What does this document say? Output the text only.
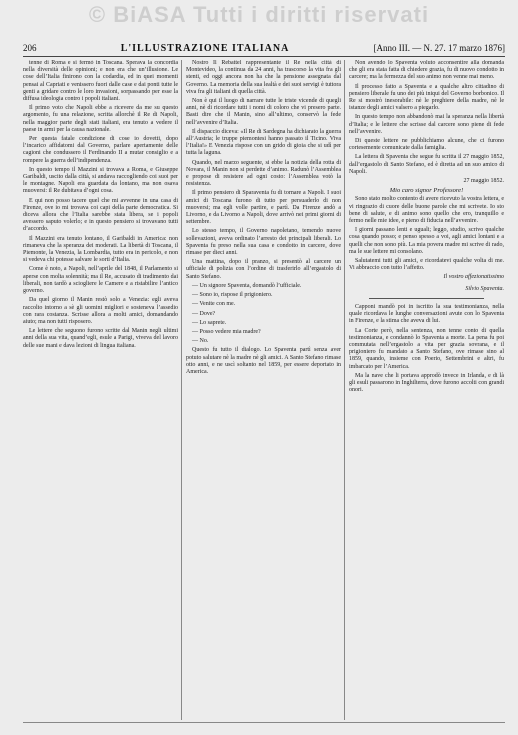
© BiASA Tutti i diritti riservati
206	L'ILLUSTRAZIONE ITALIANA	[Anno III. — N. 27. 17 marzo 1876]

tenne di Roma e si fermò in Toscana. Sperava la concordia nella diversità delle opinioni; e non era che un’illusione. Le cose dell’Italia finirono con la codardia, ed in quei momenti pensai al Capriati e venissero fuori dalle case e dai ponti tutte le genti a gridare contro le loro invasioni, sorpassando per esse la diffusa ideologia contro i popoli italiani.

Il primo voto che Napoli ebbe a ricevere da me su questo argomento, fu una relazione, scritta allorchè il Re di Napoli, nella maggior parte degli stati italiani, era tenuto a vedere il paese in armi per la causa nazionale.

Per questa fatale condizione di cose io dovetti, dopo l’incarico affidatomi dal Governo, parlare apertamente delle cagioni che condussero il Ferdinando II a mutar consiglio e a rompere la guerra dell’indipendenza.

In questo tempo il Mazzini si trovava a Roma, e Giuseppe Garibaldi, uscito dalla città, si andava raccogliendo coi suoi per le montagne. Napoli era guardata da lontano, ma non osava muoversi: il Re dubitava d’ogni cosa.

E qui non posso tacere quel che mi avvenne in una casa di Firenze, ove io mi trovava coi capi della parte democratica. Si diceva allora che l’Italia sarebbe stata libera, se i popoli avessero saputo volerlo; e in questo pensiero si trovavano tutti d’accordo.

Il Mazzini era tenuto lontano, il Garibaldi in America: non rimaneva che la speranza dei moderati. La libertà di Toscana, il Piemonte, la Venezia, la Lombardia, tutto era in pericolo, e non si vedeva chi potesse salvare le sorti d’Italia.

Come è noto, a Napoli, nell’aprile del 1848, il Parlamento si aperse con molta solennità; ma il Re, accusato di tradimento dai liberali, non tardò a sciogliere le Camere e a ristabilire l’antico governo.

Da quel giorno il Manin restò solo a Venezia: egli aveva raccolto intorno a sè gli uomini migliori e sosteneva l’assedio con rara costanza. Scrisse allora a molti amici, domandando aiuto; ma non tutti risposero.

Le lettere che seguono furono scritte dal Manin negli ultimi anni della sua vita, quand’egli, esule a Parigi, viveva del lavoro delle sue mani e dava lezioni di lingua italiana.

Nostro Il Rebattel rappresentante il Re nella città di Montevideo, la continua da 24 anni, ha trascorso la vita fra gli stenti, ed oggi ancora non ha che la pensione assegnata dal Governo. La memoria della sua lealtà e dei suoi servigi è tuttora viva fra gli italiani di quella città.

Non è qui il luogo di narrare tutte le triste vicende di quegli anni, nè di ricordare tutti i nomi di coloro che vi presero parte. Basti dire che il Manin, sino all’ultimo, conservò la fede nell’avvenire d’Italia.

Il dispaccio diceva: «Il Re di Sardegna ha dichiarato la guerra all’Austria; le truppe piemontesi hanno passato il Ticino. Viva l’Italia!» E Venezia rispose con un grido di gioia che si udì per tutta la laguna.

Quando, nel marzo seguente, si ebbe la notizia della rotta di Novara, il Manin non si perdette d’animo. Radunò l’Assemblea e propose di resistere ad ogni costo: l’Assemblea votò la resistenza.

Il primo pensiero di Sparaventa fu di tornare a Napoli. I suoi amici di Toscana furono di tutto per persuaderlo di non muoversi; ma egli volle partire, e partì. Da Firenze andò a Livorno, e da Livorno a Napoli, dove arrivò nei primi giorni di settembre.

Lo stesso tempo, il Governo napoletano, temendo nuove sollevazioni, aveva ordinato l’arresto dei principali liberali. Lo Spaventa fu preso nella sua casa e condotto in carcere, dove rimase per dieci anni.

Una mattina, dopo il pranzo, si presentò al carcere un ufficiale di polizia con l’ordine di trasferirlo all’ergastolo di Santo Stefano.

— Un signore Spaventa, domandò l’ufficiale.

— Sono io, rispose il prigioniero.

— Venite con me.

— Dove?

— Lo saprete.

— Posso vedere mia madre?

— No.

Questo fu tutto il dialogo. Lo Spaventa partì senza aver potuto salutare nè la madre nè gli amici. A Santo Stefano rimase otto anni, e ne uscì soltanto nel 1859, per essere deportato in America.

Non avendo lo Spaventa voluto acconsentire alla domanda che gli era stata fatta di chiedere grazia, fu di nuovo condotto in carcere; ma la fermezza del suo animo non venne mai meno.

Il processo fatto a Spaventa e a qualche altro cittadino di pensiero liberale fu uno dei più iniqui del Governo borbonico. Il Re si mostrò inesorabile: nè le preghiere della madre, nè le istanze degli amici valsero a piegarlo.

In questo tempo non abbandonò mai la speranza nella libertà d’Italia; e le lettere che scrisse dal carcere sono piene di fede nell’avvenire.

Di queste lettere ne pubblichiamo alcune, che ci furono cortesemente comunicate dalla famiglia.

La lettera di Spaventa che segue fu scritta il 27 maggio 1852, dall’ergastolo di Santo Stefano, ed è diretta ad un suo amico di Napoli.

27 maggio 1852.
Mio caro signor Professore!

Sono stato molto contento di avere ricevuto la vostra lettera, e vi ringrazio di cuore delle buone parole che mi scrivete. Io sto bene di salute, e di animo sono quello che ero, tranquillo e fermo nelle mie idee, e pieno di fiducia nell’avvenire.

I giorni passano lenti e uguali; leggo, studio, scrivo qualche cosa quando posso; e penso spesso a voi, agli amici lontani e a quelli che non sono più. La mia povera madre mi scrive di rado, ma le sue lettere mi consolano.

Salutatemi tutti gli amici, e ricordatevi qualche volta di me. Vi abbraccio con tutto l’affetto.

Il vostro affezionatissimo
Silvio Spaventa.

Capponi mandò poi in iscritto la sua testimonianza, nella quale ricordava le lunghe conversazioni avute con lo Spaventa in Firenze, e la stima che aveva di lui.

La Corte però, nella sentenza, non tenne conto di quella testimonianza, e condannò lo Spaventa a morte. La pena fu poi commutata nell’ergastolo a vita per grazia sovrana, e il prigioniero fu mandato a Santo Stefano, ove rimase sino al 1859, quando, insieme con Poerio, Settembrini e altri, fu imbarcato per l’America.

Ma la nave che li portava approdò invece in Irlanda, e di là gli esuli passarono in Inghilterra, dove furono accolti con grandi onori.
